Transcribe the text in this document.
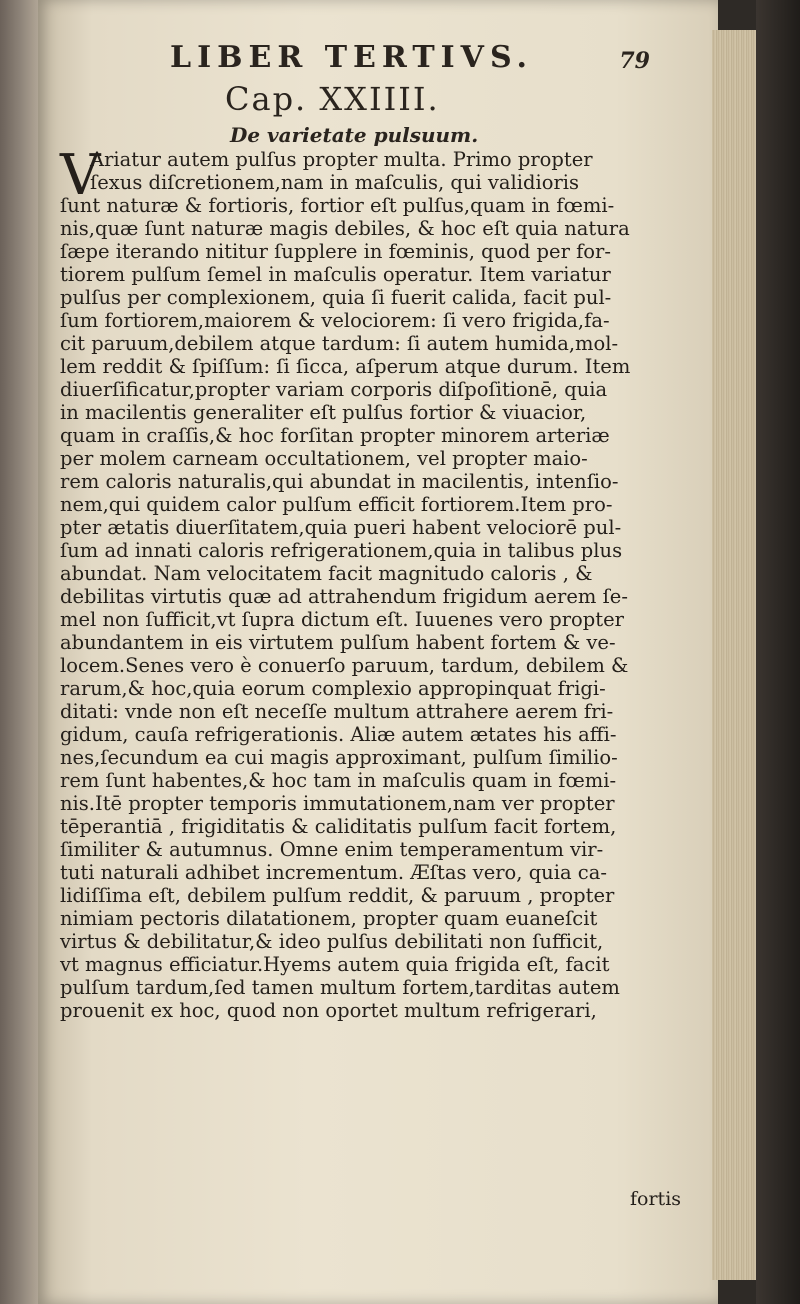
LIBER TERTIVS.	79
Cap. XXIIII.
De varietate pulsuum.
V
Ariatur autem pulſus propter multa. Primo propter
ſexus diſcretionem,nam in maſculis, qui validioris
ſunt naturæ & fortioris, fortior eſt pulſus,quam in fœmi-
nis,quæ ſunt naturæ magis debiles, & hoc eſt quia natura
ſæpe iterando nititur ſupplere in fœminis, quod per for-
tiorem pulſum ſemel in maſculis operatur. Item variatur
pulſus per complexionem, quia ſi fuerit calida, facit pul-
ſum fortiorem,maiorem & velociorem: ſi vero frigida,fa-
cit paruum,debilem atque tardum: ſi autem humida,mol-
lem reddit & ſpiſſum: ſi ſicca, aſperum atque durum. Item
diuerſificatur,propter variam corporis diſpoſitionē, quia
in macilentis generaliter eſt pulſus fortior & viuacior,
quam in craſſis,& hoc forſitan propter minorem arteriæ
per molem carneam occultationem, vel propter maio-
rem caloris naturalis,qui abundat in macilentis, intenſio-
nem,qui quidem calor pulſum efficit fortiorem.Item pro-
pter ætatis diuerſitatem,quia pueri habent velociorē pul-
ſum ad innati caloris refrigerationem,quia in talibus plus
abundat. Nam velocitatem facit magnitudo caloris , &
debilitas virtutis quæ ad attrahendum frigidum aerem ſe-
mel non ſufficit,vt ſupra dictum eſt. Iuuenes vero propter
abundantem in eis virtutem pulſum habent fortem & ve-
locem.Senes vero è conuerſo paruum, tardum, debilem &
rarum,& hoc,quia eorum complexio appropinquat frigi-
ditati: vnde non eſt neceſſe multum attrahere aerem fri-
gidum, cauſa refrigerationis. Aliæ autem ætates his affi-
nes,ſecundum ea cui magis approximant, pulſum ſimilio-
rem ſunt habentes,& hoc tam in maſculis quam in fœmi-
nis.Itē propter temporis immutationem,nam ver propter
tēperantiā , frigiditatis & caliditatis pulſum facit fortem,
ſimiliter & autumnus. Omne enim temperamentum vir-
tuti naturali adhibet incrementum. Æſtas vero, quia ca-
lidiſſima eſt, debilem pulſum reddit, & paruum , propter
nimiam pectoris dilatationem, propter quam euaneſcit
virtus & debilitatur,& ideo pulſus debilitati non ſufficit,
vt magnus efficiatur.Hyems autem quia frigida eſt, facit
pulſum tardum,ſed tamen multum fortem,tarditas autem
prouenit ex hoc, quod non oportet multum refrigerari,
fortis
